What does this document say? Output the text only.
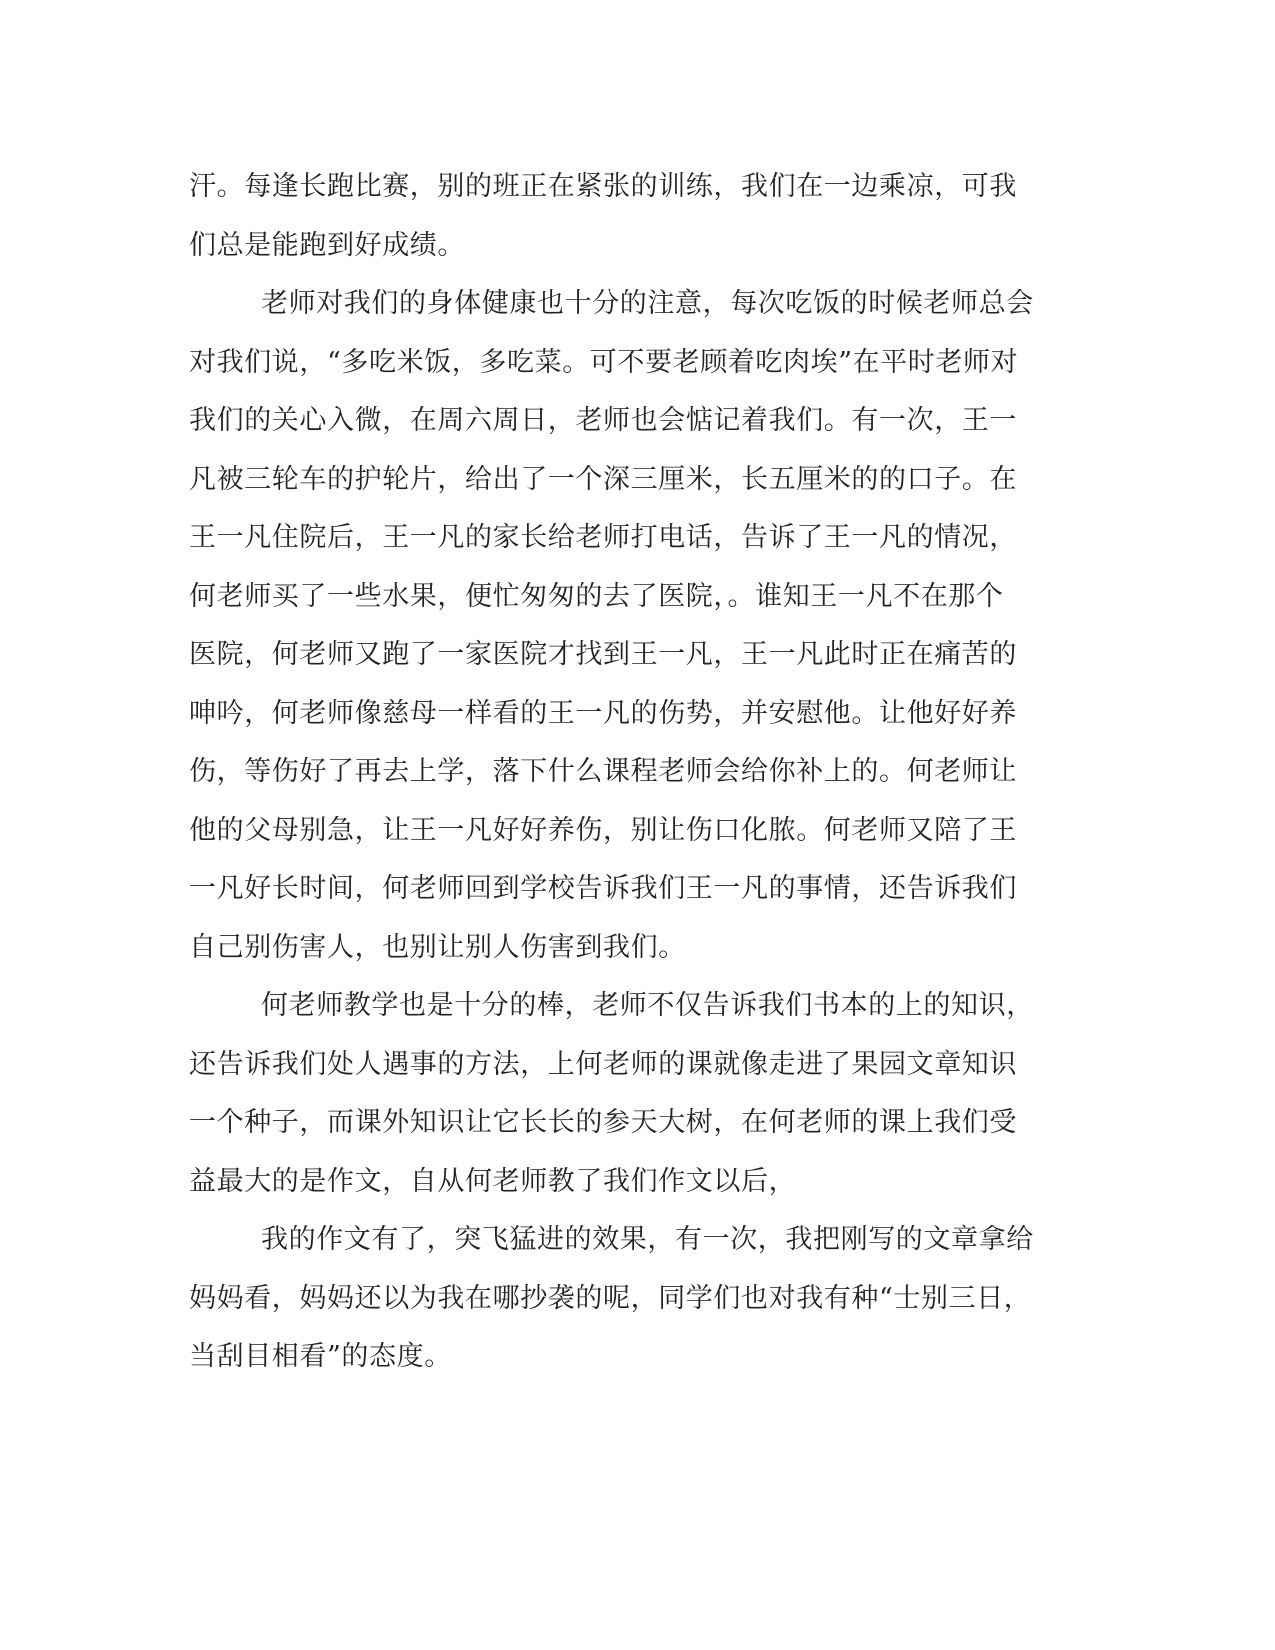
汗。每逢长跑比赛，别的班正在紧张的训练，我们在一边乘凉，可我
们总是能跑到好成绩。
老师对我们的身体健康也十分的注意，每次吃饭的时候老师总会
对我们说，“多吃米饭，多吃菜。可不要老顾着吃肉埃”在平时老师对
我们的关心入微，在周六周日，老师也会惦记着我们。有一次，王一
凡被三轮车的护轮片，给出了一个深三厘米，长五厘米的的口子。在
王一凡住院后，王一凡的家长给老师打电话，告诉了王一凡的情况，
何老师买了一些水果，便忙匆匆的去了医院，。谁知王一凡不在那个
医院，何老师又跑了一家医院才找到王一凡，王一凡此时正在痛苦的
呻吟，何老师像慈母一样看的王一凡的伤势，并安慰他。让他好好养
伤，等伤好了再去上学，落下什么课程老师会给你补上的。何老师让
他的父母别急，让王一凡好好养伤，别让伤口化脓。何老师又陪了王
一凡好长时间，何老师回到学校告诉我们王一凡的事情，还告诉我们
自己别伤害人，也别让别人伤害到我们。
何老师教学也是十分的棒，老师不仅告诉我们书本的上的知识，
还告诉我们处人遇事的方法，上何老师的课就像走进了果园文章知识
一个种子，而课外知识让它长长的参天大树，在何老师的课上我们受
益最大的是作文，自从何老师教了我们作文以后，
我的作文有了，突飞猛进的效果，有一次，我把刚写的文章拿给
妈妈看，妈妈还以为我在哪抄袭的呢，同学们也对我有种“士别三日，
当刮目相看”的态度。
